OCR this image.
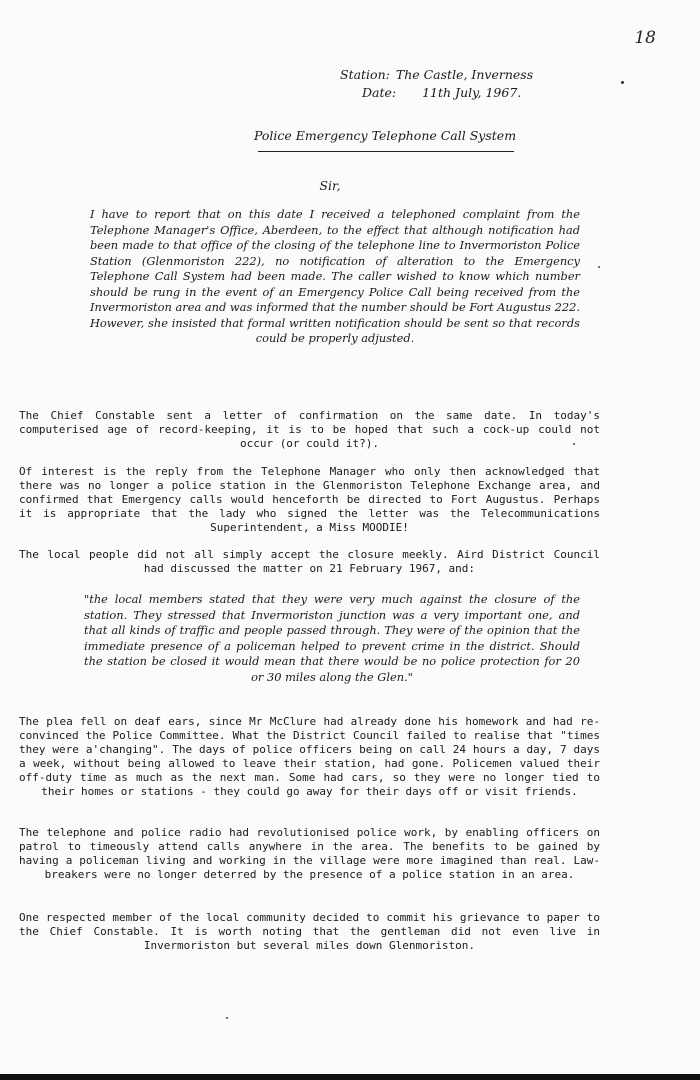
18
Station: The Castle, Inverness
Date: 11th July, 1967.
Police Emergency Telephone Call System
Sir,
I have to report that on this date I received a telephoned complaint from the Telephone Manager's Office, Aberdeen, to the effect that although notification had been made to that office of the closing of the telephone line to Invermoriston Police Station (Glenmoriston 222), no notification of alteration to the Emergency Telephone Call System had been made. The caller wished to know which number should be rung in the event of an Emergency Police Call being received from the Invermoriston area and was informed that the number should be Fort Augustus 222. However, she insisted that formal written notification should be sent so that records could be properly adjusted.
The Chief Constable sent a letter of confirmation on the same date. In today's computerised age of record-keeping, it is to be hoped that such a cock-up could not occur (or could it?).
Of interest is the reply from the Telephone Manager who only then acknowledged that there was no longer a police station in the Glenmoriston Telephone Exchange area, and confirmed that Emergency calls would henceforth be directed to Fort Augustus. Perhaps it is appropriate that the lady who signed the letter was the Telecommunications Superintendent, a Miss MOODIE!
The local people did not all simply accept the closure meekly. Aird District Council had discussed the matter on 21 February 1967, and:
"the local members stated that they were very much against the closure of the station. They stressed that Invermoriston junction was a very important one, and that all kinds of traffic and people passed through. They were of the opinion that the immediate presence of a policeman helped to prevent crime in the district. Should the station be closed it would mean that there would be no police protection for 20 or 30 miles along the Glen."
The plea fell on deaf ears, since Mr McClure had already done his homework and had re-convinced the Police Committee. What the District Council failed to realise that "times they were a'changing". The days of police officers being on call 24 hours a day, 7 days a week, without being allowed to leave their station, had gone. Policemen valued their off-duty time as much as the next man. Some had cars, so they were no longer tied to their homes or stations - they could go away for their days off or visit friends.
The telephone and police radio had revolutionised police work, by enabling officers on patrol to timeously attend calls anywhere in the area. The benefits to be gained by having a policeman living and working in the village were more imagined than real. Law-breakers were no longer deterred by the presence of a police station in an area.
One respected member of the local community decided to commit his grievance to paper to the Chief Constable. It is worth noting that the gentleman did not even live in Invermoriston but several miles down Glenmoriston.
